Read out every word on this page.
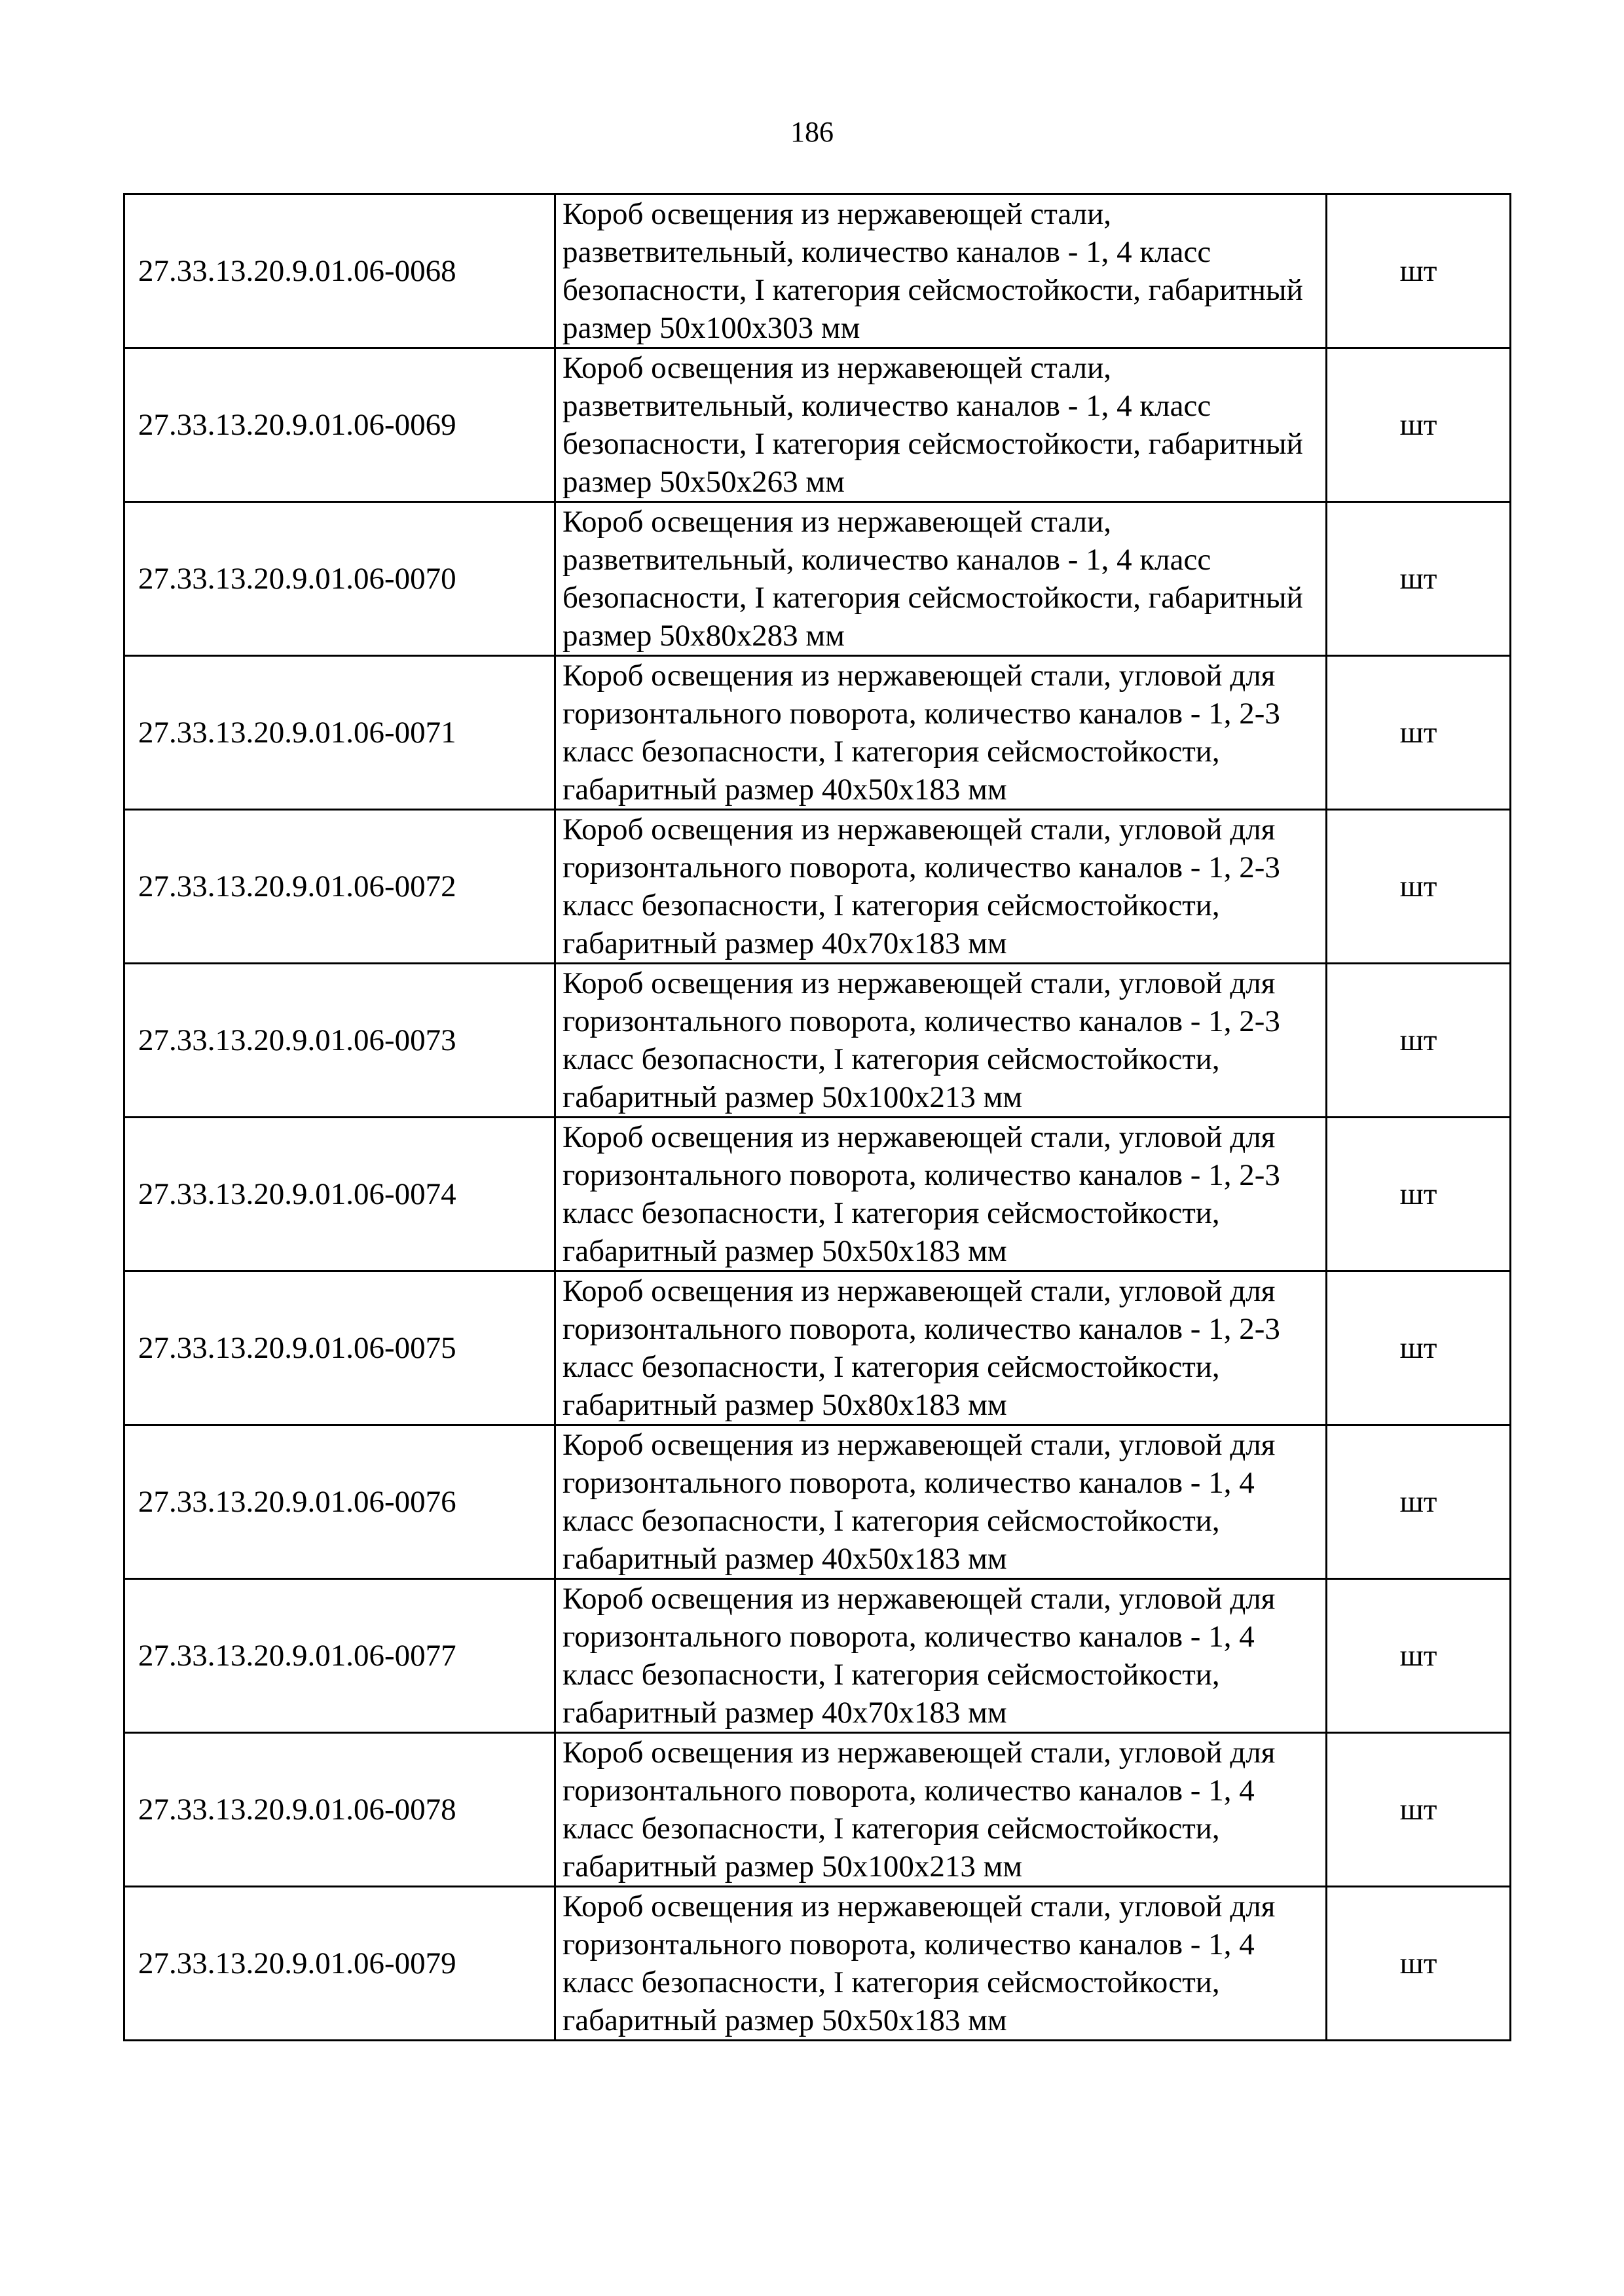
186
27.33.13.20.9.01.06-0068	Короб освещения из нержавеющей стали, разветвительный, количество каналов - 1, 4 класс безопасности, I категория сейсмостойкости, габаритный размер 50х100х303 мм	шт
27.33.13.20.9.01.06-0069	Короб освещения из нержавеющей стали, разветвительный, количество каналов - 1, 4 класс безопасности, I категория сейсмостойкости, габаритный размер 50х50х263 мм	шт
27.33.13.20.9.01.06-0070	Короб освещения из нержавеющей стали, разветвительный, количество каналов - 1, 4 класс безопасности, I категория сейсмостойкости, габаритный размер 50х80х283 мм	шт
27.33.13.20.9.01.06-0071	Короб освещения из нержавеющей стали, угловой для горизонтального поворота, количество каналов - 1, 2-3 класс безопасности, I категория сейсмостойкости, габаритный размер 40х50х183 мм	шт
27.33.13.20.9.01.06-0072	Короб освещения из нержавеющей стали, угловой для горизонтального поворота, количество каналов - 1, 2-3 класс безопасности, I категория сейсмостойкости, габаритный размер 40х70х183 мм	шт
27.33.13.20.9.01.06-0073	Короб освещения из нержавеющей стали, угловой для горизонтального поворота, количество каналов - 1, 2-3 класс безопасности, I категория сейсмостойкости, габаритный размер 50х100х213 мм	шт
27.33.13.20.9.01.06-0074	Короб освещения из нержавеющей стали, угловой для горизонтального поворота, количество каналов - 1, 2-3 класс безопасности, I категория сейсмостойкости, габаритный размер 50х50х183 мм	шт
27.33.13.20.9.01.06-0075	Короб освещения из нержавеющей стали, угловой для горизонтального поворота, количество каналов - 1, 2-3 класс безопасности, I категория сейсмостойкости, габаритный размер 50х80х183 мм	шт
27.33.13.20.9.01.06-0076	Короб освещения из нержавеющей стали, угловой для горизонтального поворота, количество каналов - 1, 4 класс безопасности, I категория сейсмостойкости, габаритный размер 40х50х183 мм	шт
27.33.13.20.9.01.06-0077	Короб освещения из нержавеющей стали, угловой для горизонтального поворота, количество каналов - 1, 4 класс безопасности, I категория сейсмостойкости, габаритный размер 40х70х183 мм	шт
27.33.13.20.9.01.06-0078	Короб освещения из нержавеющей стали, угловой для горизонтального поворота, количество каналов - 1, 4 класс безопасности, I категория сейсмостойкости, габаритный размер 50х100х213 мм	шт
27.33.13.20.9.01.06-0079	Короб освещения из нержавеющей стали, угловой для горизонтального поворота, количество каналов - 1, 4 класс безопасности, I категория сейсмостойкости, габаритный размер 50х50х183 мм	шт
